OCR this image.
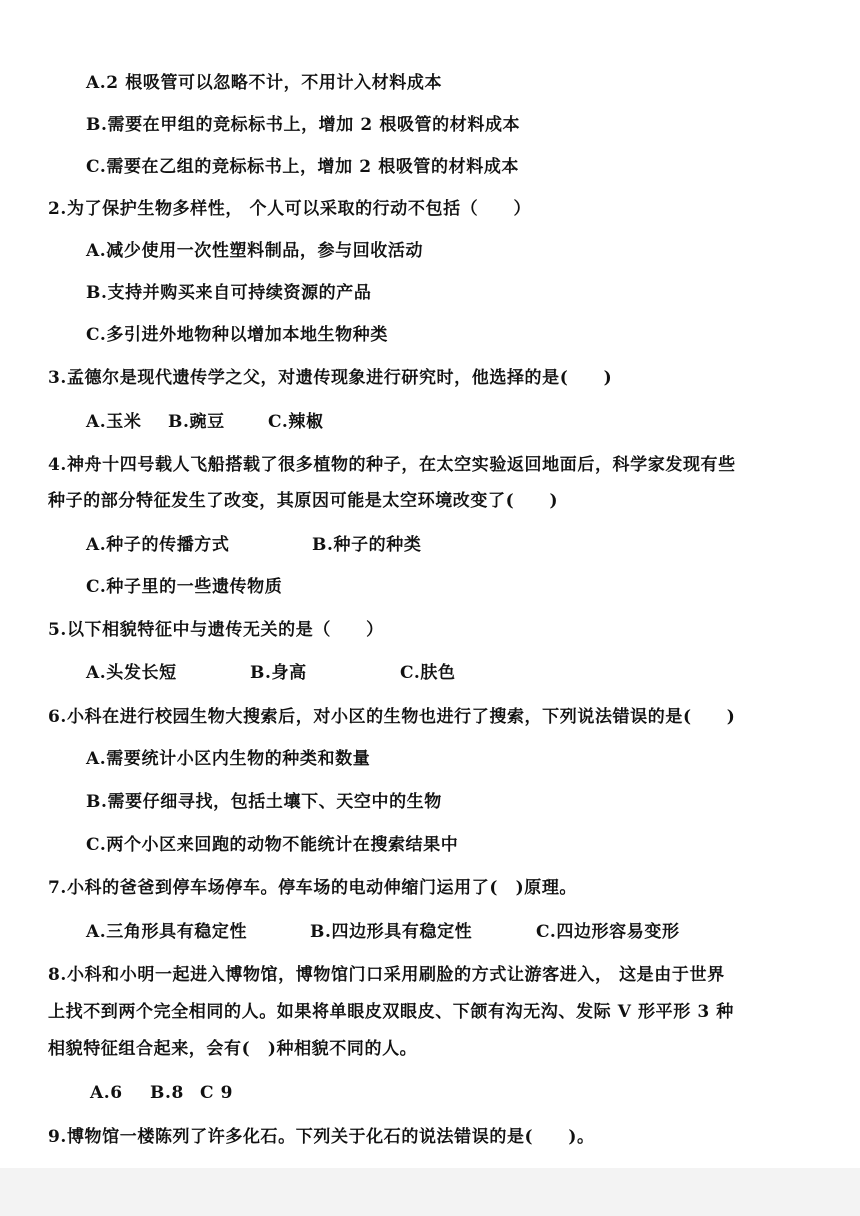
A.2 根吸管可以忽略不计，不用计入材料成本
B.需要在甲组的竞标标书上，增加 2 根吸管的材料成本
C.需要在乙组的竞标标书上，增加 2 根吸管的材料成本
2.为了保护生物多样性， 个人可以采取的行动不包括（　　）
A.减少使用一次性塑料制品，参与回收活动
B.支持并购买来自可持续资源的产品
C.多引进外地物种以增加本地生物种类
3.孟德尔是现代遗传学之父，对遗传现象进行研究时，他选择的是(　　)
A.玉米 B.豌豆	C.辣椒
4.神舟十四号载人飞船搭载了很多植物的种子，在太空实验返回地面后，科学家发现有些
种子的部分特征发生了改变，其原因可能是太空环境改变了(　　)
A.种子的传播方式	B.种子的种类
C.种子里的一些遗传物质
5.以下相貌特征中与遗传无关的是（　　）
A.头发长短	B.身高	C.肤色
6.小科在进行校园生物大搜索后，对小区的生物也进行了搜索，下列说法错误的是(　　)
A.需要统计小区内生物的种类和数量
B.需要仔细寻找，包括土壤下、天空中的生物
C.两个小区来回跑的动物不能统计在搜索结果中
7.小科的爸爸到停车场停车。停车场的电动伸缩门运用了(　)原理。
A.三角形具有稳定性	B.四边形具有稳定性	C.四边形容易变形
8.小科和小明一起进入博物馆，博物馆门口采用刷脸的方式让游客进入， 这是由于世界
上找不到两个完全相同的人。如果将单眼皮双眼皮、下颌有沟无沟、发际 V 形平形 3 种
相貌特征组合起来，会有(　)种相貌不同的人。
A.6 B.8 C 9
9.博物馆一楼陈列了许多化石。下列关于化石的说法错误的是(　　)。
